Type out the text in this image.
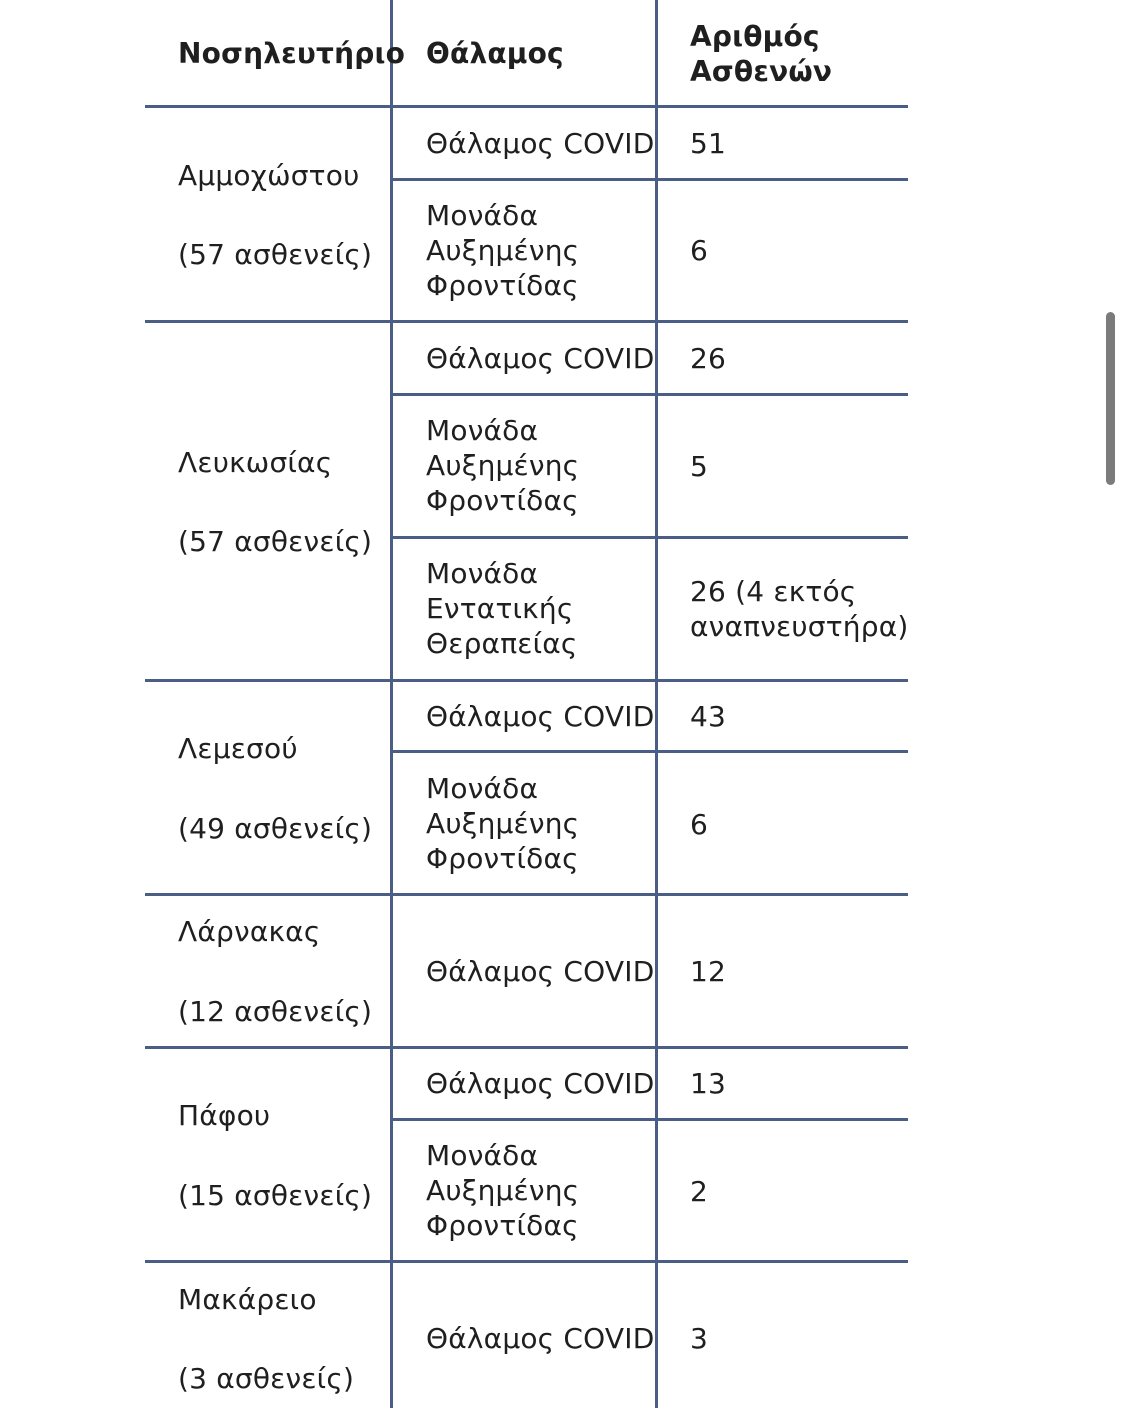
Νοσηλευτήριο Θάλαμος
Αριθμός
Ασθενών
Αμμοχώστου
(57 ασθενείς)
Θάλαμος COVID 51
Μονάδα
Αυξημένης
Φροντίδας
6
Λευκωσίας
(57 ασθενείς)
Θάλαμος COVID 26
Μονάδα
Αυξημένης
Φροντίδας
5
Μονάδα
Εντατικής
Θεραπείας
26 (4 εκτός
αναπνευστήρα)
Λεμεσού
(49 ασθενείς)
Θάλαμος COVID 43
Μονάδα
Αυξημένης
Φροντίδας
6
Λάρνακας
(12 ασθενείς)
Θάλαμος COVID 12
Πάφου
(15 ασθενείς)
Θάλαμος COVID 13
Μονάδα
Αυξημένης
Φροντίδας
2
Μακάρειο
(3 ασθενείς)
Θάλαμος COVID 3
